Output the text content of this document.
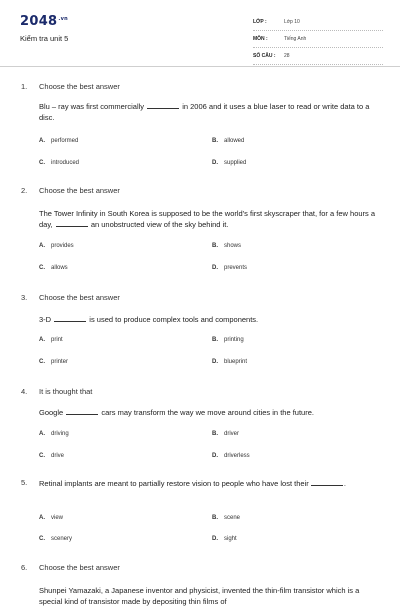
$2048^{.vn}$
Kiểm tra unit 5
LỚP :	Lớp 10
MÔN :	Tiếng Anh
SỐ CÂU : 28
1. Choose the best answer
Blu – ray was first commercially	in 2006 and it uses a blue laser to read or write data to a disc.
A. performed	B. allowed
C. introduced	D. supplied
2. Choose the best answer
The Tower Infinity in South Korea is supposed to be the world's first skyscraper that, for a few hours a day,	an unobstructed view of the sky behind it.
A. provides	B. shows
C. allows	D. prevents
3. Choose the best answer
3-D	is used to produce complex tools and components.
A. print	B. printing
C. printer	D. blueprint
4. It is thought that
Google	cars may transform the way we move around cities in the future.
A. driving	B. driver
C. drive	D. driverless
5. Retinal implants are meant to partially restore vision to people who have lost their	.
A. view	B. scene
C. scenery	D. sight
6. Choose the best answer
Shunpei Yamazaki, a Japanese inventor and physicist, invented the thin-film transistor which is a special kind of transistor made by depositing thin films of
